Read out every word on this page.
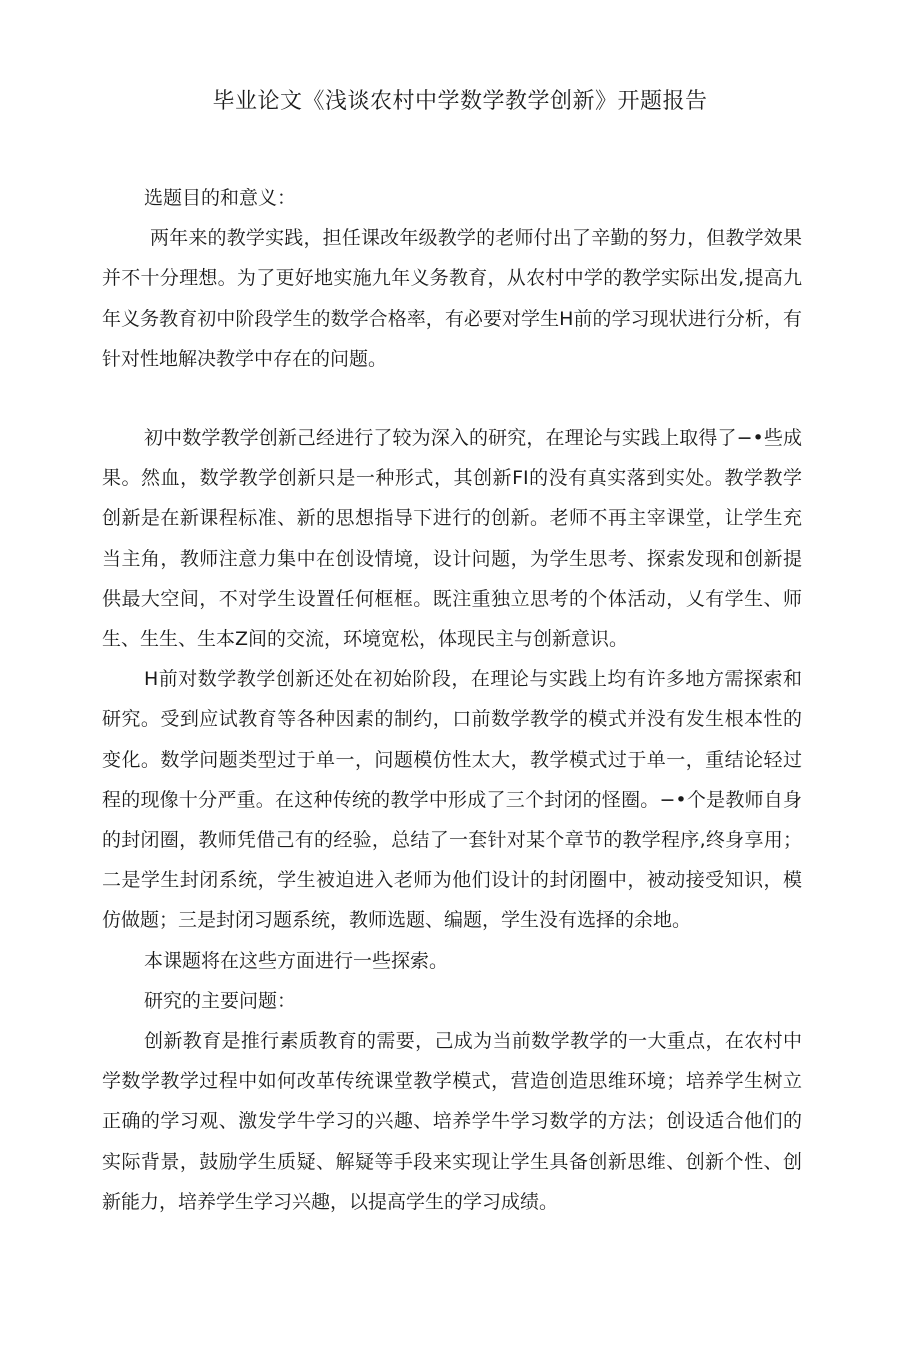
毕业论文《浅谈农村中学数学教学创新》开题报告

选题目的和意义：

两年来的教学实践，担任课改年级教学的老师付出了辛勤的努力，但教学效果并不十分理想。为了更好地实施九年义务教育，从农村中学的教学实际出发,提高九年义务教育初中阶段学生的数学合格率，有必要对学生H前的学习现状进行分析，有针对性地解决教学中存在的问题。

初中数学教学创新己经进行了较为深入的研究，在理论与实践上取得了−•些成果。然血，数学教学创新只是一种形式，其创新FI的没有真实落到实处。教学教学创新是在新课程标准、新的思想指导下进行的创新。老师不再主宰课堂，让学生充当主角，教师注意力集中在创设情境，设计问题，为学生思考、探索发现和创新提供最大空间，不对学生设置任何框框。既注重独立思考的个体活动，乂有学生、师生、生生、生本Z间的交流，环境宽松，体现民主与创新意识。

H前对数学教学创新还处在初始阶段，在理论与实践上均有许多地方需探索和研究。受到应试教育等各种因素的制约，口前数学教学的模式并没有发生根本性的变化。数学问题类型过于单一，问题模仿性太大，教学模式过于单一，重结论轻过程的现像十分严重。在这种传统的教学中形成了三个封闭的怪圈。−•个是教师自身的封闭圈，教师凭借己有的经验，总结了一套针对某个章节的教学程序,终身享用；二是学生封闭系统，学生被迫进入老师为他们设计的封闭圈中，被动接受知识，模仿做题；三是封闭习题系统，教师选题、编题，学生没有选择的余地。

本课题将在这些方面进行一些探索。

研究的主要问题：

创新教育是推行素质教育的需要，己成为当前数学教学的一大重点，在农村中学数学教学过程中如何改革传统课堂教学模式，营造创造思维环境；培养学生树立正确的学习观、激发学牛学习的兴趣、培养学牛学习数学的方法；创设适合他们的实际背景，鼓励学生质疑、解疑等手段来实现让学生具备创新思维、创新个性、创新能力，培养学生学习兴趣，以提高学生的学习成绩。
